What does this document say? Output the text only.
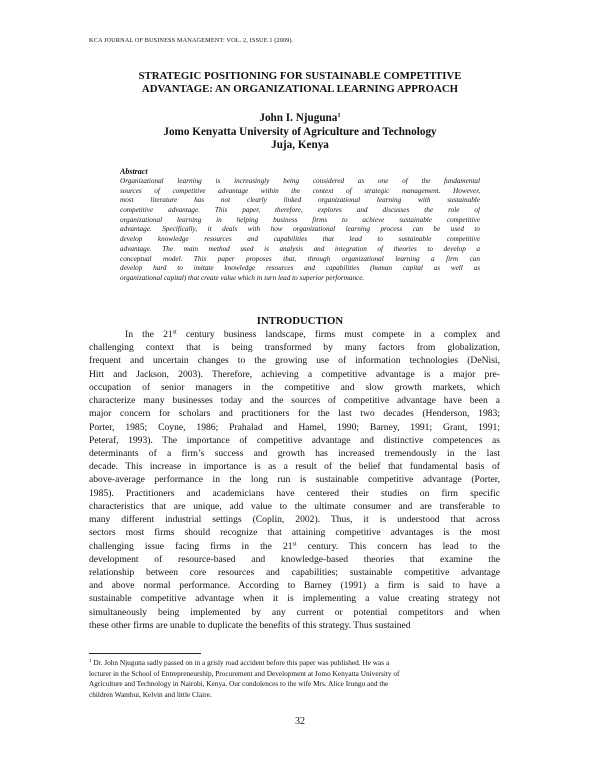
KCA JOURNAL OF BUSINESS MANAGEMENT: VOL. 2, ISSUE 1 (2009).
STRATEGIC POSITIONING FOR SUSTAINABLE COMPETITIVE
ADVANTAGE: AN ORGANIZATIONAL LEARNING APPROACH
John I. Njuguna$^1$
Jomo Kenyatta University of Agriculture and Technology
Juja, Kenya
Abstract
Organizational learning is increasingly being considered as one of the fundamental
sources of competitive advantage within the context of strategic management. However,
most literature has not clearly linked organizational learning with sustainable
competitive advantage. This paper, therefore, explores and discusses the role of
organizational learning in helping business firms to achieve sustainable competitive
advantage. Specifically, it deals with how organizational learning process can be used to
develop knowledge resources and capabilities that lead to sustainable competitive
advantage. The main method used is analysis and integration of theories to develop a
conceptual model. This paper proposes that, through organizational learning a firm can
develop hard to imitate knowledge resources and capabilities (human capital as well as
organizational capital) that create value which in turn lead to superior performance.
INTRODUCTION
In the 21st century business landscape, firms must compete in a complex and
challenging context that is being transformed by many factors from globalization,
frequent and uncertain changes to the growing use of information technologies (DeNisi,
Hitt and Jackson, 2003). Therefore, achieving a competitive advantage is a major pre-
occupation of senior managers in the competitive and slow growth markets, which
characterize many businesses today and the sources of competitive advantage have been a
major concern for scholars and practitioners for the last two decades (Henderson, 1983;
Porter, 1985; Coyne, 1986; Prahalad and Hamel, 1990; Barney, 1991; Grant, 1991;
Peteraf, 1993). The importance of competitive advantage and distinctive competences as
determinants of a firm’s success and growth has increased tremendously in the last
decade. This increase in importance is as a result of the belief that fundamental basis of
above-average performance in the long run is sustainable competitive advantage (Porter,
1985). Practitioners and academicians have centered their studies on firm specific
characteristics that are unique, add value to the ultimate consumer and are transferable to
many different industrial settings (Coplin, 2002). Thus, it is understood that across
sectors most firms should recognize that attaining competitive advantages is the most
challenging issue facing firms in the 21st century. This concern has lead to the
development of resource-based and knowledge-based theories that examine the
relationship between core resources and capabilities; sustainable competitive advantage
and above normal performance. According to Barney (1991) a firm is said to have a
sustainable competitive advantage when it is implementing a value creating strategy not
simultaneously being implemented by any current or potential competitors and when
these other firms are unable to duplicate the benefits of this strategy. Thus sustained
$^1$ Dr. John Njuguna sadly passed on in a grisly road accident before this paper was published. He was a
lecturer in the School of Entrepreneurship, Procurement and Development at Jomo Kenyatta University of
Agriculture and Technology in Nairobi, Kenya. Our condolences to the wife Mrs. Alice Irungu and the
children Wambui, Kelvin and little Claire.
32
